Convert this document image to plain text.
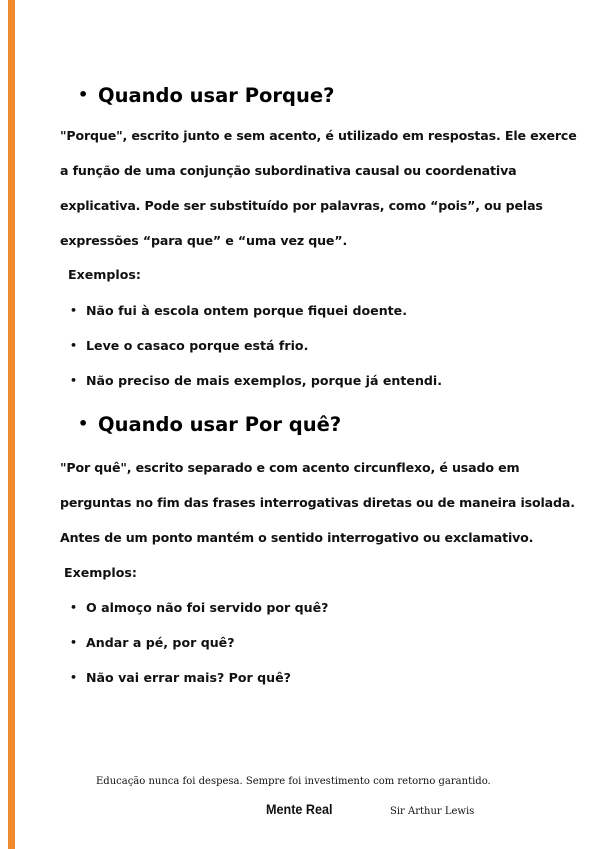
• Quando usar Porque?
"Porque", escrito junto e sem acento, é utilizado em respostas. Ele exerce
a função de uma conjunção subordinativa causal ou coordenativa
explicativa. Pode ser substituído por palavras, como “pois”, ou pelas
expressões “para que” e “uma vez que”.

Exemplos:

• Não fui à escola ontem porque fiquei doente.
• Leve o casaco porque está frio.
• Não preciso de mais exemplos, porque já entendi.
• Quando usar Por quê?
"Por quê", escrito separado e com acento circunflexo, é usado em
perguntas no fim das frases interrogativas diretas ou de maneira isolada.
Antes de um ponto mantém o sentido interrogativo ou exclamativo.

Exemplos:

• O almoço não foi servido por quê?
• Andar a pé, por quê?
• Não vai errar mais? Por quê?

Educação nunca foi despesa. Sempre foi investimento com retorno garantido.

Mente Real	Sir Arthur Lewis
